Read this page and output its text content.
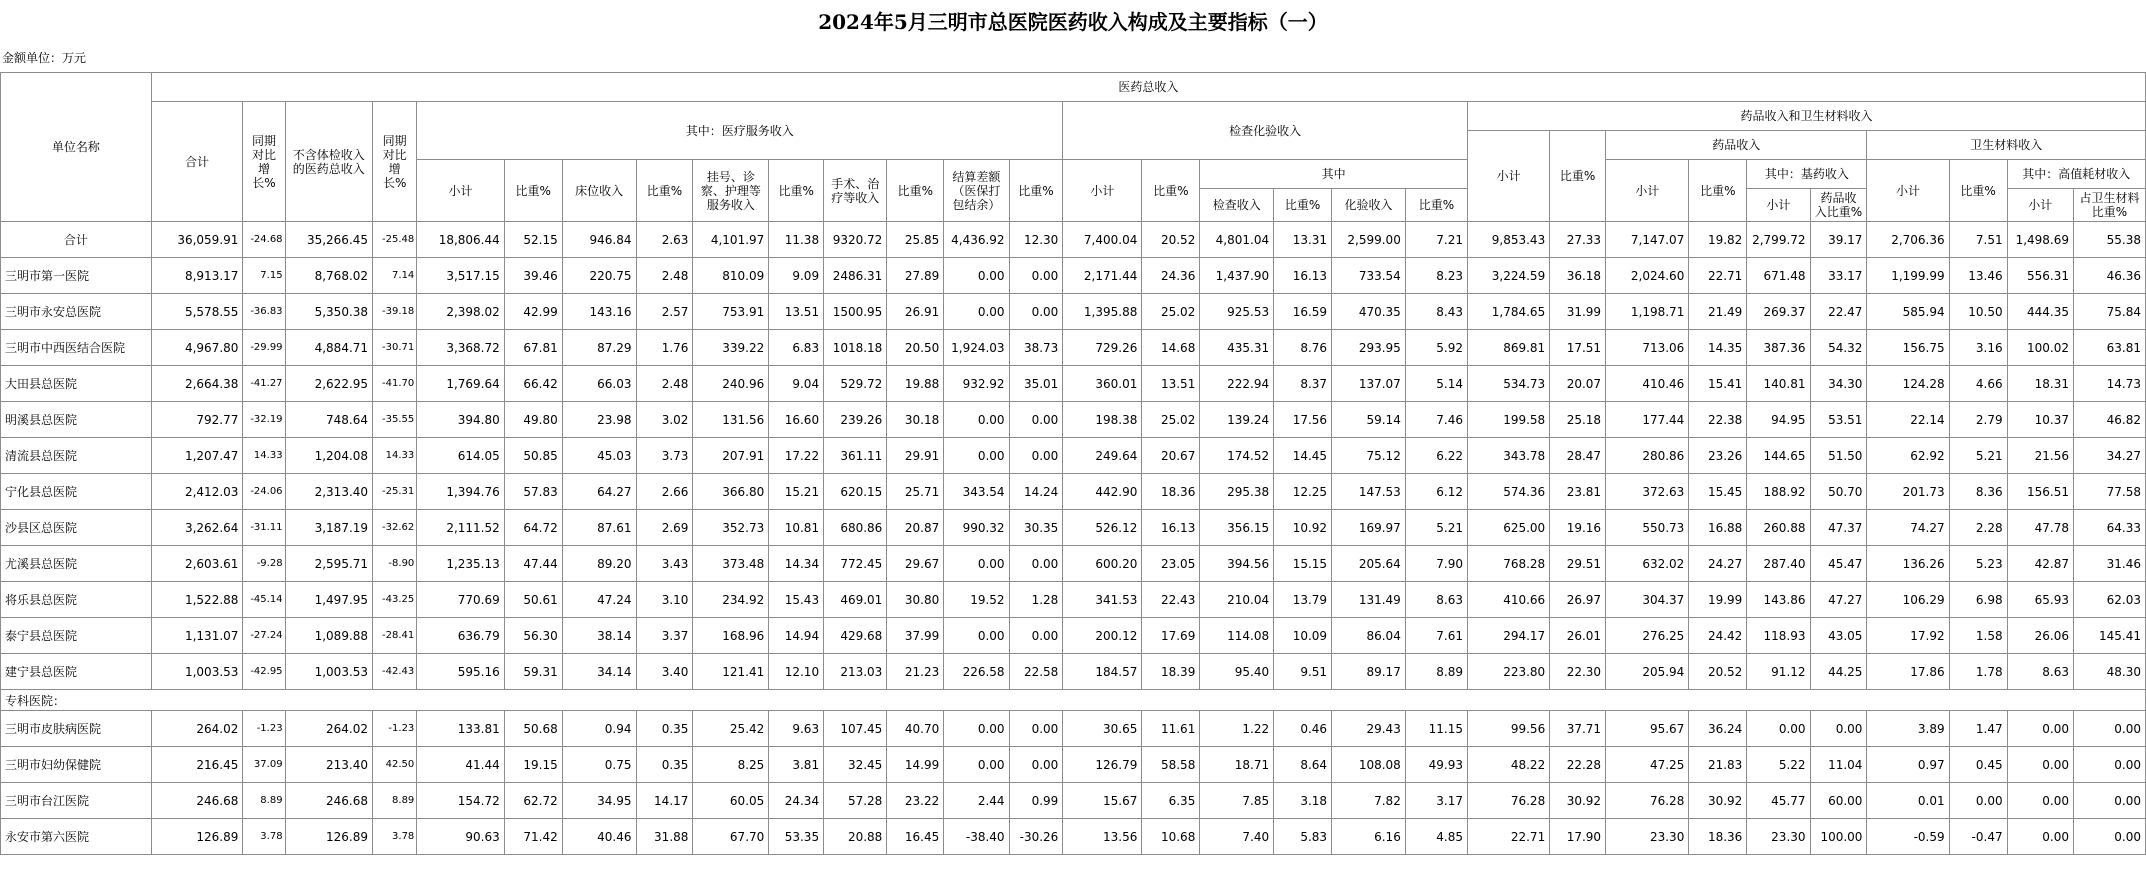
2024年5月三明市总医院医药收入构成及主要指标（一）
金额单位：万元
单位名称	医药总收入																													
	合计	同期对比增长%	不含体检收入的医药总收入	同期对比增长%	其中：医疗服务收入										检查化验收入						药品收入和卫生材料收入									
																					小计	比重%	药品收入				卫生材料收入			
					小计	比重%	床位收入	比重%	挂号、诊察、护理等服务收入	比重%	手术、治疗等收入	比重%	结算差额（医保打包结余）	比重%	小计	比重%	其中						小计	比重%	其中：基药收入		小计	比重%	其中：高值耗材收入	
																	检查收入	比重%	化验收入	比重%					小计	药品收入比重%			小计	占卫生材料比重%
合计	36,059.91	-24.68	35,266.45	-25.48	18,806.44	52.15	946.84	2.63	4,101.97	11.38	9320.72	25.85	4,436.92	12.30	7,400.04	20.52	4,801.04	13.31	2,599.00	7.21	9,853.43	27.33	7,147.07	19.82	2,799.72	39.17	2,706.36	7.51	1,498.69	55.38
三明市第一医院	8,913.17	7.15	8,768.02	7.14	3,517.15	39.46	220.75	2.48	810.09	9.09	2486.31	27.89	0.00	0.00	2,171.44	24.36	1,437.90	16.13	733.54	8.23	3,224.59	36.18	2,024.60	22.71	671.48	33.17	1,199.99	13.46	556.31	46.36
三明市永安总医院	5,578.55	-36.83	5,350.38	-39.18	2,398.02	42.99	143.16	2.57	753.91	13.51	1500.95	26.91	0.00	0.00	1,395.88	25.02	925.53	16.59	470.35	8.43	1,784.65	31.99	1,198.71	21.49	269.37	22.47	585.94	10.50	444.35	75.84
三明市中西医结合医院	4,967.80	-29.99	4,884.71	-30.71	3,368.72	67.81	87.29	1.76	339.22	6.83	1018.18	20.50	1,924.03	38.73	729.26	14.68	435.31	8.76	293.95	5.92	869.81	17.51	713.06	14.35	387.36	54.32	156.75	3.16	100.02	63.81
大田县总医院	2,664.38	-41.27	2,622.95	-41.70	1,769.64	66.42	66.03	2.48	240.96	9.04	529.72	19.88	932.92	35.01	360.01	13.51	222.94	8.37	137.07	5.14	534.73	20.07	410.46	15.41	140.81	34.30	124.28	4.66	18.31	14.73
明溪县总医院	792.77	-32.19	748.64	-35.55	394.80	49.80	23.98	3.02	131.56	16.60	239.26	30.18	0.00	0.00	198.38	25.02	139.24	17.56	59.14	7.46	199.58	25.18	177.44	22.38	94.95	53.51	22.14	2.79	10.37	46.82
清流县总医院	1,207.47	14.33	1,204.08	14.33	614.05	50.85	45.03	3.73	207.91	17.22	361.11	29.91	0.00	0.00	249.64	20.67	174.52	14.45	75.12	6.22	343.78	28.47	280.86	23.26	144.65	51.50	62.92	5.21	21.56	34.27
宁化县总医院	2,412.03	-24.06	2,313.40	-25.31	1,394.76	57.83	64.27	2.66	366.80	15.21	620.15	25.71	343.54	14.24	442.90	18.36	295.38	12.25	147.53	6.12	574.36	23.81	372.63	15.45	188.92	50.70	201.73	8.36	156.51	77.58
沙县区总医院	3,262.64	-31.11	3,187.19	-32.62	2,111.52	64.72	87.61	2.69	352.73	10.81	680.86	20.87	990.32	30.35	526.12	16.13	356.15	10.92	169.97	5.21	625.00	19.16	550.73	16.88	260.88	47.37	74.27	2.28	47.78	64.33
尤溪县总医院	2,603.61	-9.28	2,595.71	-8.90	1,235.13	47.44	89.20	3.43	373.48	14.34	772.45	29.67	0.00	0.00	600.20	23.05	394.56	15.15	205.64	7.90	768.28	29.51	632.02	24.27	287.40	45.47	136.26	5.23	42.87	31.46
将乐县总医院	1,522.88	-45.14	1,497.95	-43.25	770.69	50.61	47.24	3.10	234.92	15.43	469.01	30.80	19.52	1.28	341.53	22.43	210.04	13.79	131.49	8.63	410.66	26.97	304.37	19.99	143.86	47.27	106.29	6.98	65.93	62.03
泰宁县总医院	1,131.07	-27.24	1,089.88	-28.41	636.79	56.30	38.14	3.37	168.96	14.94	429.68	37.99	0.00	0.00	200.12	17.69	114.08	10.09	86.04	7.61	294.17	26.01	276.25	24.42	118.93	43.05	17.92	1.58	26.06	145.41
建宁县总医院	1,003.53	-42.95	1,003.53	-42.43	595.16	59.31	34.14	3.40	121.41	12.10	213.03	21.23	226.58	22.58	184.57	18.39	95.40	9.51	89.17	8.89	223.80	22.30	205.94	20.52	91.12	44.25	17.86	1.78	8.63	48.30
专科医院：																														
三明市皮肤病医院	264.02	-1.23	264.02	-1.23	133.81	50.68	0.94	0.35	25.42	9.63	107.45	40.70	0.00	0.00	30.65	11.61	1.22	0.46	29.43	11.15	99.56	37.71	95.67	36.24	0.00	0.00	3.89	1.47	0.00	0.00
三明市妇幼保健院	216.45	37.09	213.40	42.50	41.44	19.15	0.75	0.35	8.25	3.81	32.45	14.99	0.00	0.00	126.79	58.58	18.71	8.64	108.08	49.93	48.22	22.28	47.25	21.83	5.22	11.04	0.97	0.45	0.00	0.00
三明市台江医院	246.68	8.89	246.68	8.89	154.72	62.72	34.95	14.17	60.05	24.34	57.28	23.22	2.44	0.99	15.67	6.35	7.85	3.18	7.82	3.17	76.28	30.92	76.28	30.92	45.77	60.00	0.01	0.00	0.00	0.00
永安市第六医院	126.89	3.78	126.89	3.78	90.63	71.42	40.46	31.88	67.70	53.35	20.88	16.45	-38.40	-30.26	13.56	10.68	7.40	5.83	6.16	4.85	22.71	17.90	23.30	18.36	23.30	100.00	-0.59	-0.47	0.00	0.00
